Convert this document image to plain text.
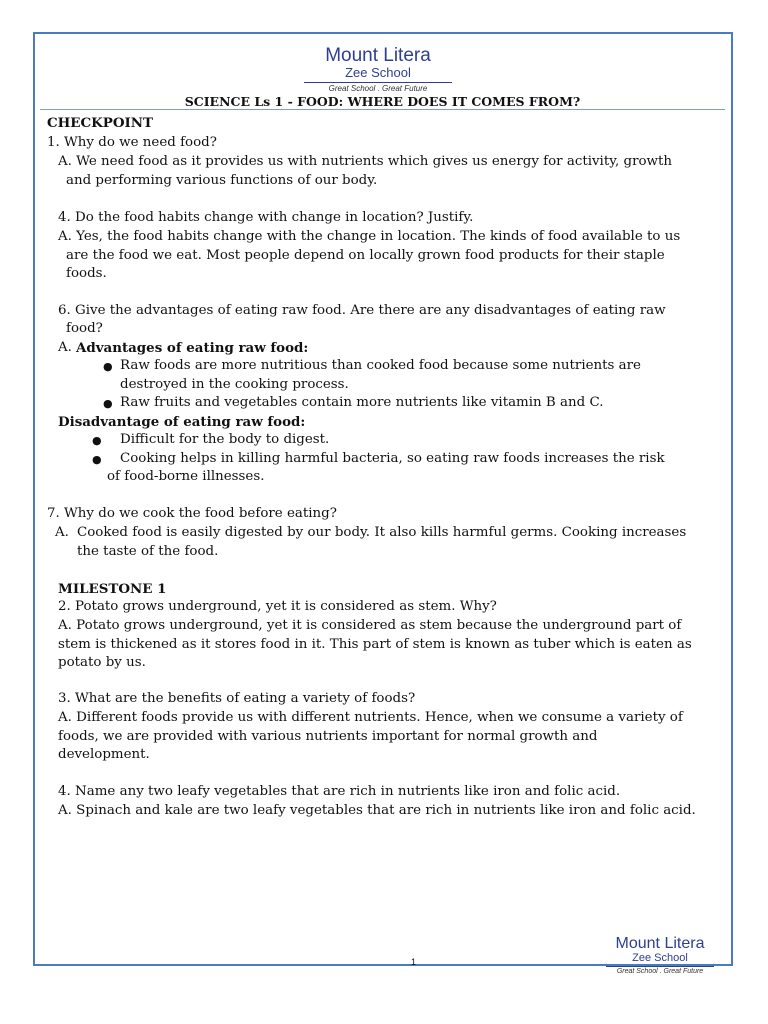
Mount Litera
Zee School
Great School . Great Future
SCIENCE Ls 1 - FOOD: WHERE DOES IT COMES FROM?
CHECKPOINT
1. Why do we need food?
A. We need food as it provides us with nutrients which gives us energy for activity, growth
and performing various functions of our body.
4. Do the food habits change with change in location? Justify.
A. Yes, the food habits change with the change in location. The kinds of food available to us
are the food we eat. Most people depend on locally grown food products for their staple
foods.
6. Give the advantages of eating raw food. Are there are any disadvantages of eating raw
food?
A. Advantages of eating raw food:
● Raw foods are more nutritious than cooked food because some nutrients are
destroyed in the cooking process.
● Raw fruits and vegetables contain more nutrients like vitamin B and C.
Disadvantage of eating raw food:
● Difficult for the body to digest.
● Cooking helps in killing harmful bacteria, so eating raw foods increases the risk
of food-borne illnesses.
7. Why do we cook the food before eating?
A. Cooked food is easily digested by our body. It also kills harmful germs. Cooking increases
the taste of the food.
MILESTONE 1
2. Potato grows underground, yet it is considered as stem. Why?
A. Potato grows underground, yet it is considered as stem because the underground part of
stem is thickened as it stores food in it. This part of stem is known as tuber which is eaten as
potato by us.
3. What are the benefits of eating a variety of foods?
A. Different foods provide us with different nutrients. Hence, when we consume a variety of
foods, we are provided with various nutrients important for normal growth and
development.
4. Name any two leafy vegetables that are rich in nutrients like iron and folic acid.
A. Spinach and kale are two leafy vegetables that are rich in nutrients like iron and folic acid.
1
Mount Litera
Zee School
Great School . Great Future
